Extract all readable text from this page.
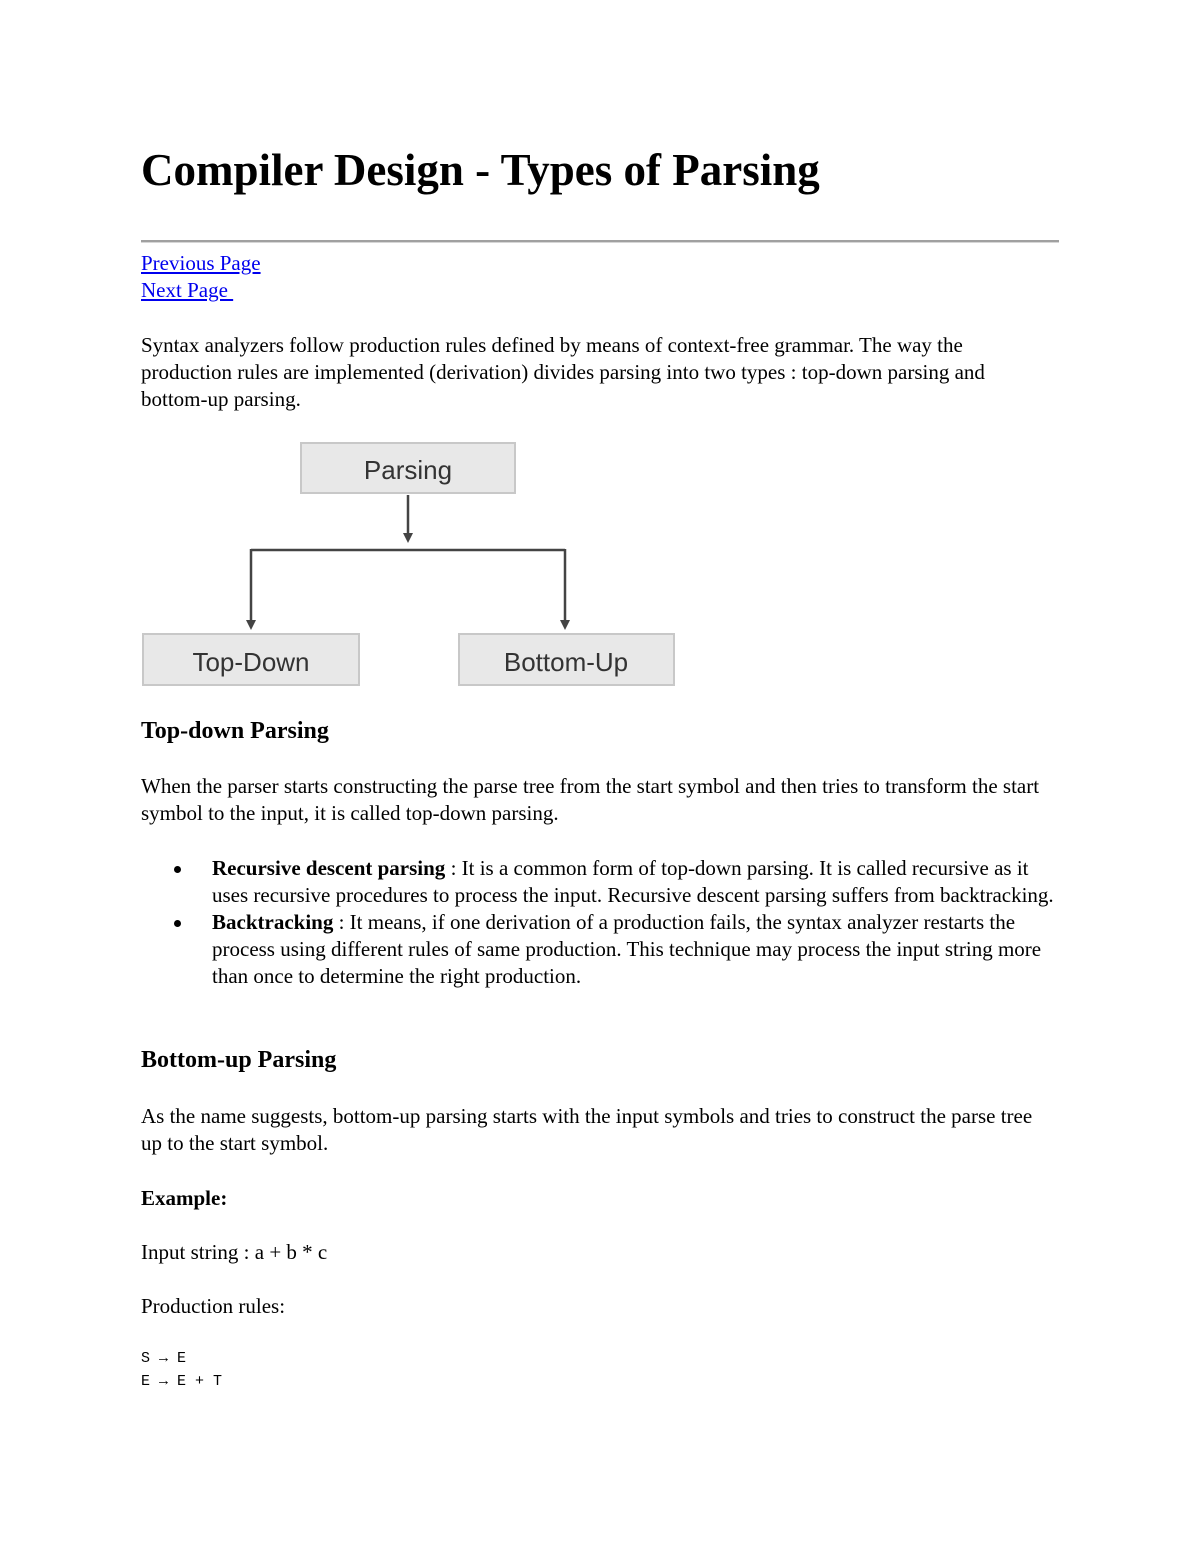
Compiler Design - Types of Parsing
Previous Page
Next Page

Syntax analyzers follow production rules defined by means of context-free grammar. The way the production rules are implemented (derivation) divides parsing into two types : top-down parsing and bottom-up parsing.

Parsing
Top-Down	Bottom-Up
Top-down Parsing

When the parser starts constructing the parse tree from the start symbol and then tries to transform the start symbol to the input, it is called top-down parsing.

Recursive descent parsing : It is a common form of top-down parsing. It is called recursive as it uses recursive procedures to process the input. Recursive descent parsing suffers from backtracking.
Backtracking : It means, if one derivation of a production fails, the syntax analyzer restarts the process using different rules of same production. This technique may process the input string more than once to determine the right production.
Bottom-up Parsing

As the name suggests, bottom-up parsing starts with the input symbols and tries to construct the parse tree up to the start symbol.

Example:

Input string : a + b * c

Production rules:

S → E
E → E + T
